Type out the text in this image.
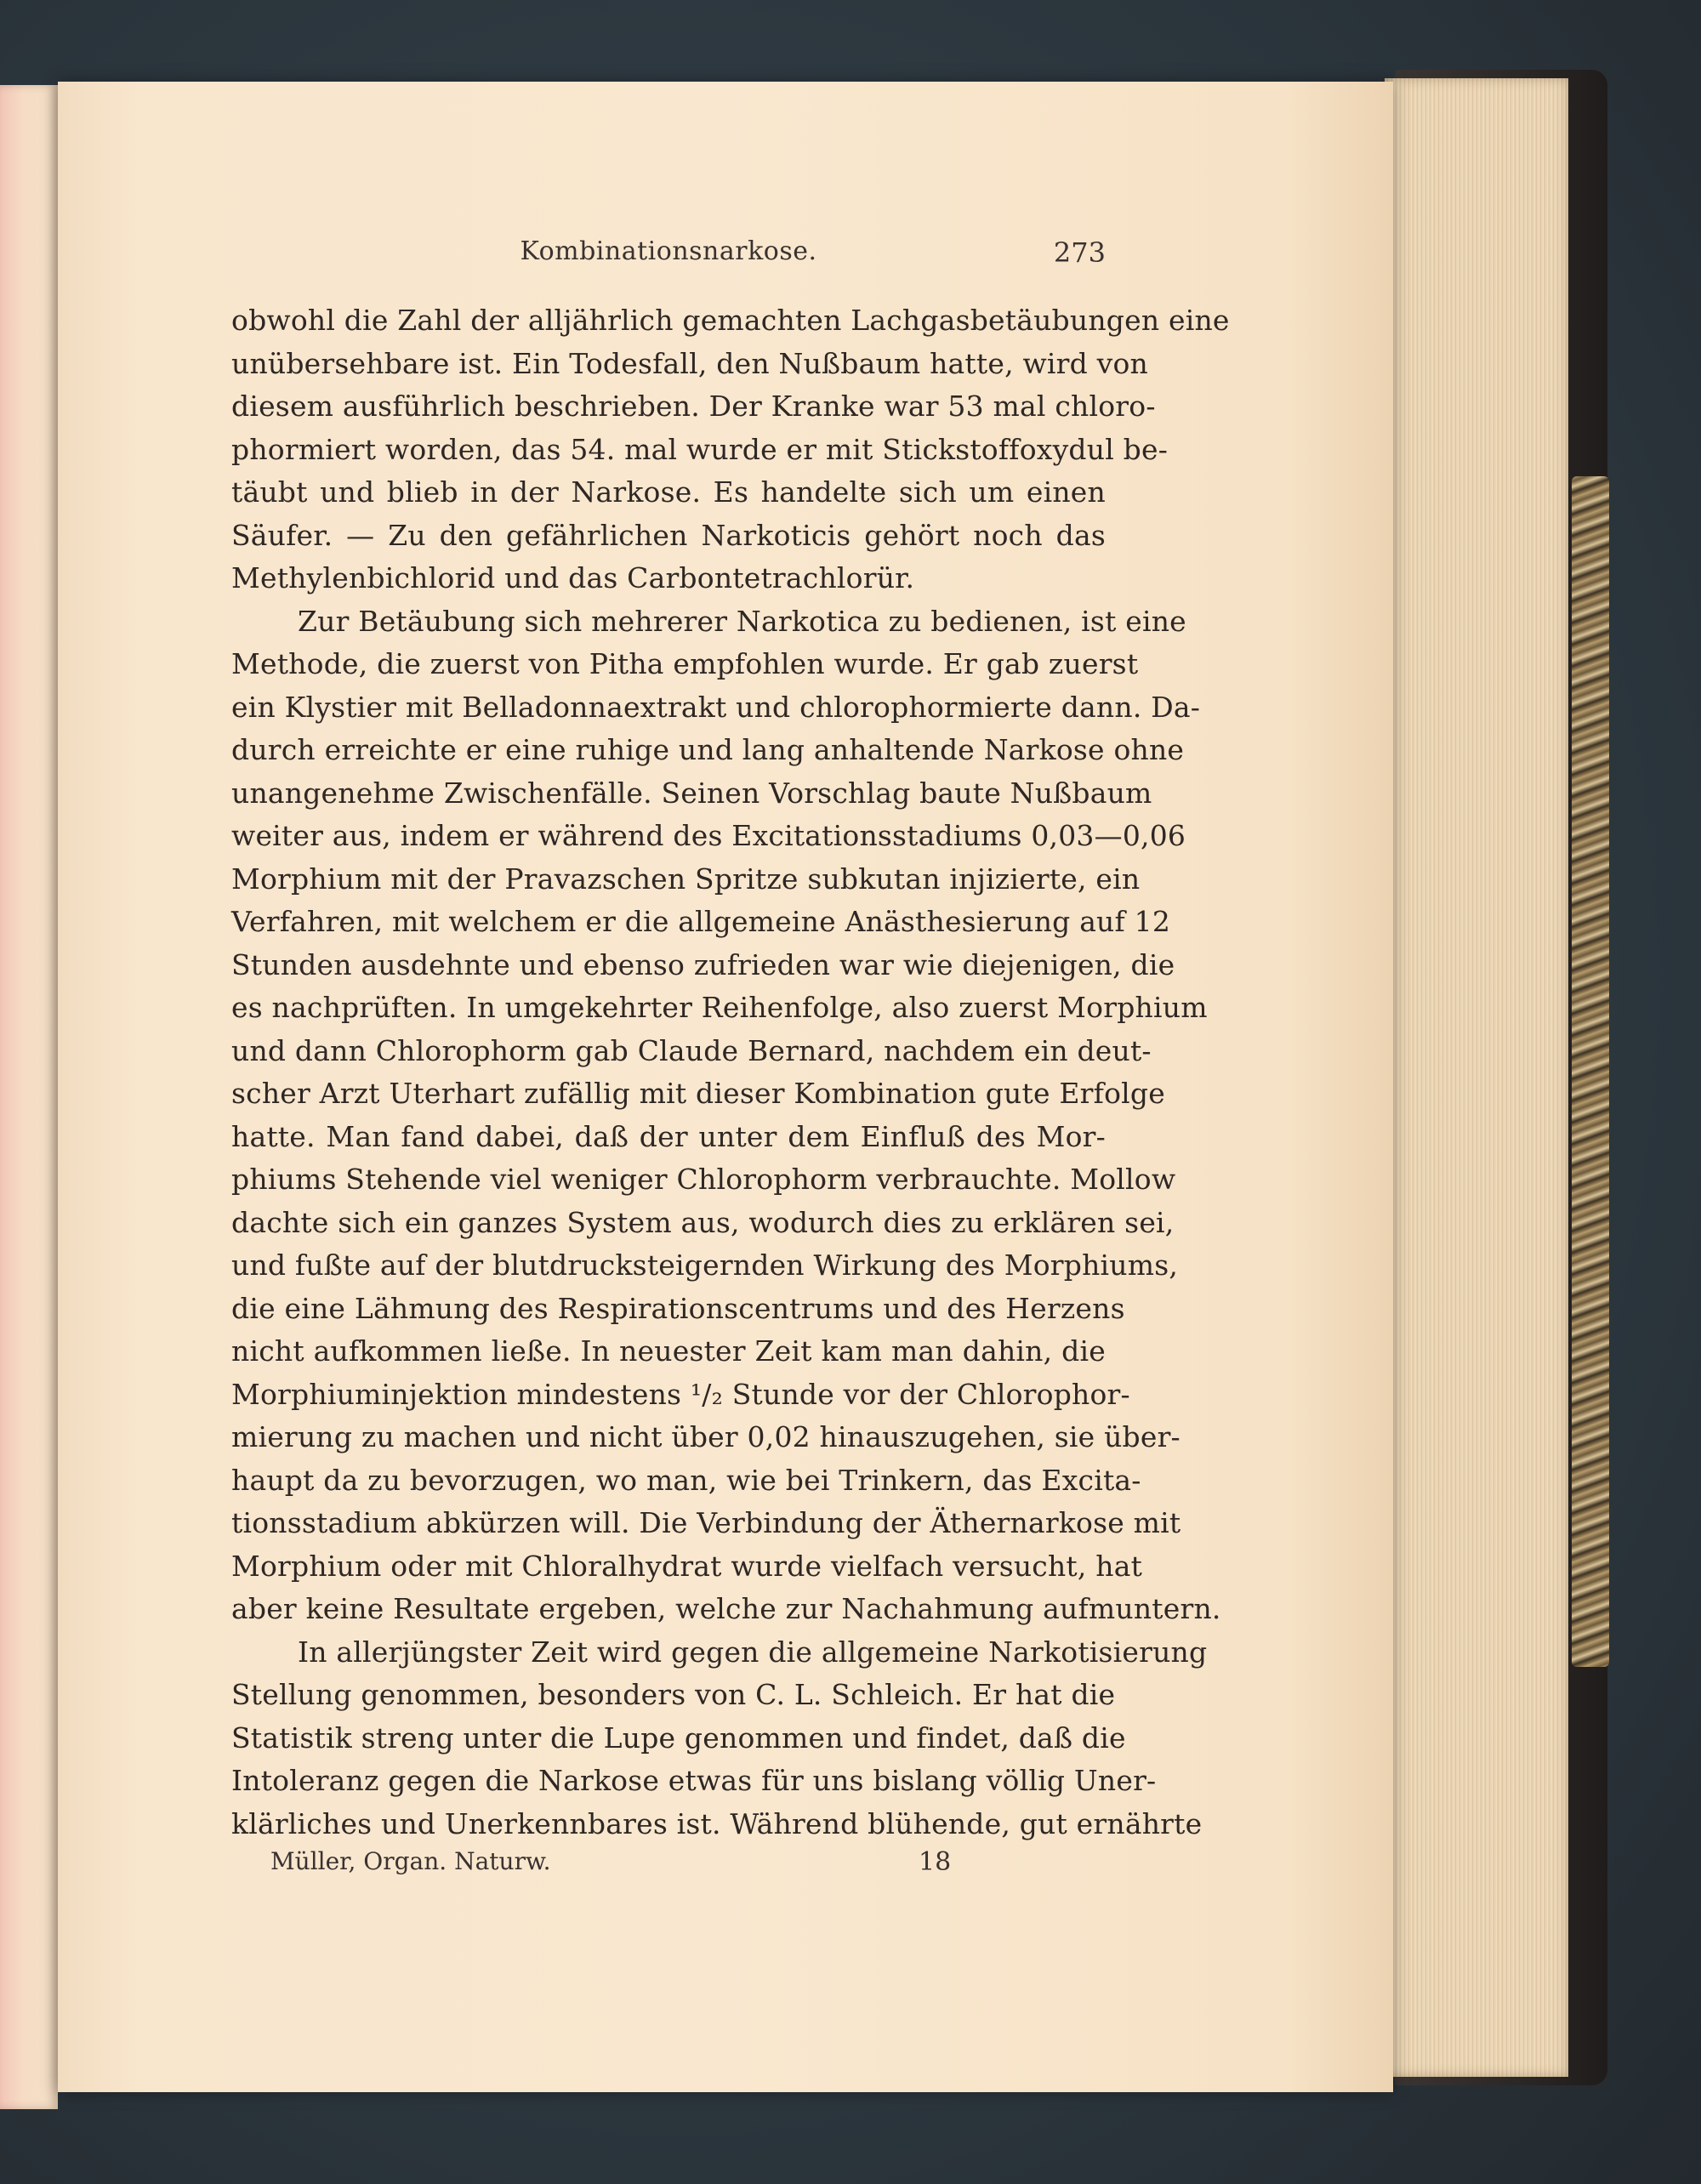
Kombinationsnarkose.	273
obwohl die Zahl der alljährlich gemachten Lachgasbetäubungen eine
unübersehbare ist. Ein Todesfall, den Nußbaum hatte, wird von
diesem ausführlich beschrieben. Der Kranke war 53 mal chloro-
phormiert worden, das 54. mal wurde er mit Stickstoffoxydul be-
täubt und blieb in der Narkose. Es handelte sich um einen
Säufer. — Zu den gefährlichen Narkoticis gehört noch das
Methylenbichlorid und das Carbontetrachlorür.
Zur Betäubung sich mehrerer Narkotica zu bedienen, ist eine
Methode, die zuerst von Pitha empfohlen wurde. Er gab zuerst
ein Klystier mit Belladonnaextrakt und chlorophormierte dann. Da-
durch erreichte er eine ruhige und lang anhaltende Narkose ohne
unangenehme Zwischenfälle. Seinen Vorschlag baute Nußbaum
weiter aus, indem er während des Excitationsstadiums 0,03—0,06
Morphium mit der Pravazschen Spritze subkutan injizierte, ein
Verfahren, mit welchem er die allgemeine Anästhesierung auf 12
Stunden ausdehnte und ebenso zufrieden war wie diejenigen, die
es nachprüften. In umgekehrter Reihenfolge, also zuerst Morphium
und dann Chlorophorm gab Claude Bernard, nachdem ein deut-
scher Arzt Uterhart zufällig mit dieser Kombination gute Erfolge
hatte. Man fand dabei, daß der unter dem Einfluß des Mor-
phiums Stehende viel weniger Chlorophorm verbrauchte. Mollow
dachte sich ein ganzes System aus, wodurch dies zu erklären sei,
und fußte auf der blutdrucksteigernden Wirkung des Morphiums,
die eine Lähmung des Respirationscentrums und des Herzens
nicht aufkommen ließe. In neuester Zeit kam man dahin, die
Morphiuminjektion mindestens ¹/₂ Stunde vor der Chlorophor-
mierung zu machen und nicht über 0,02 hinauszugehen, sie über-
haupt da zu bevorzugen, wo man, wie bei Trinkern, das Excita-
tionsstadium abkürzen will. Die Verbindung der Äthernarkose mit
Morphium oder mit Chloralhydrat wurde vielfach versucht, hat
aber keine Resultate ergeben, welche zur Nachahmung aufmuntern.
In allerjüngster Zeit wird gegen die allgemeine Narkotisierung
Stellung genommen, besonders von C. L. Schleich. Er hat die
Statistik streng unter die Lupe genommen und findet, daß die
Intoleranz gegen die Narkose etwas für uns bislang völlig Uner-
klärliches und Unerkennbares ist. Während blühende, gut ernährte
Müller, Organ. Naturw.	18
